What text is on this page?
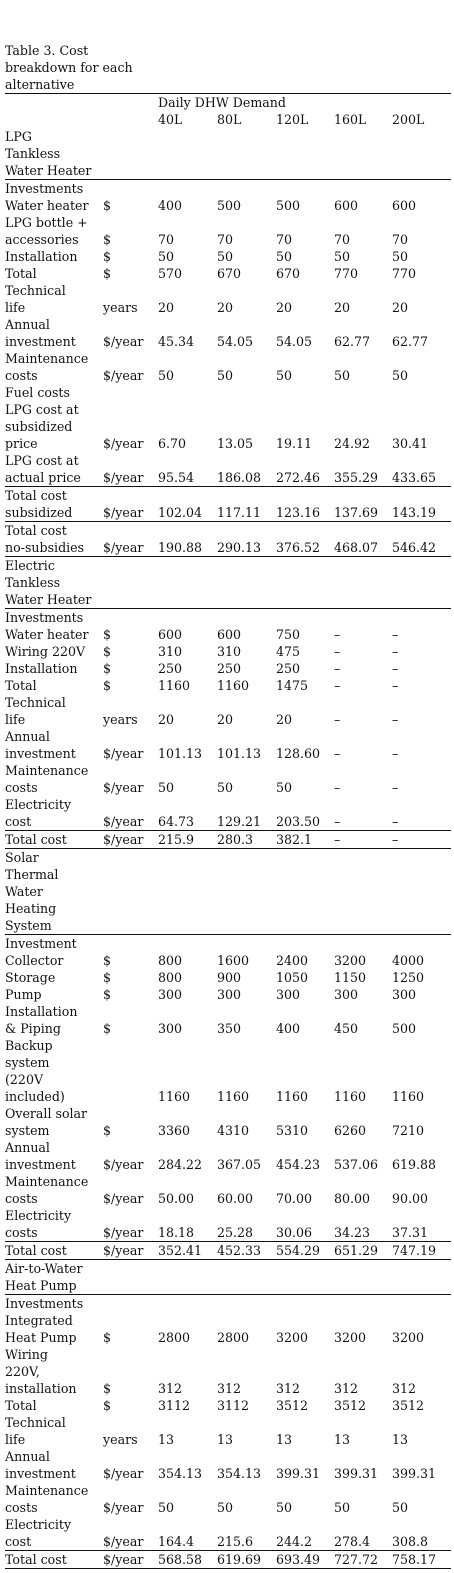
Table 3. Cost
breakdown for each
alternative
		Daily DHW Demand				
		40L	80L	120L	160L	200L
LPG
Tankless
Water Heater						
Investments						
Water heater	$	400	500	500	600	600
LPG bottle +
accessories	$	70	70	70	70	70
Installation	$	50	50	50	50	50
Total	$	570	670	670	770	770
Technical
life	years	20	20	20	20	20
Annual
investment	$/year	45.34	54.05	54.05	62.77	62.77
Maintenance
costs	$/year	50	50	50	50	50
Fuel costs						
LPG cost at
subsidized
price	$/year	6.70	13.05	19.11	24.92	30.41
LPG cost at
actual price	$/year	95.54	186.08	272.46	355.29	433.65
Total cost
subsidized	$/year	102.04	117.11	123.16	137.69	143.19
Total cost
no-subsidies	$/year	190.88	290.13	376.52	468.07	546.42
Electric
Tankless
Water Heater						
Investments						
Water heater	$	600	600	750	–	–
Wiring 220V	$	310	310	475	–	–
Installation	$	250	250	250	–	–
Total	$	1160	1160	1475	–	–
Technical
life	years	20	20	20	–	–
Annual
investment	$/year	101.13	101.13	128.60	–	–
Maintenance
costs	$/year	50	50	50	–	–
Electricity
cost	$/year	64.73	129.21	203.50	–	–
Total cost	$/year	215.9	280.3	382.1	–	–
Solar
Thermal
Water
Heating
System						
Investment						
Collector	$	800	1600	2400	3200	4000
Storage	$	800	900	1050	1150	1250
Pump	$	300	300	300	300	300
Installation
& Piping	$	300	350	400	450	500
Backup
system
(220V
included)		1160	1160	1160	1160	1160
Overall solar
system	$	3360	4310	5310	6260	7210
Annual
investment	$/year	284.22	367.05	454.23	537.06	619.88
Maintenance
costs	$/year	50.00	60.00	70.00	80.00	90.00
Electricity
costs	$/year	18.18	25.28	30.06	34.23	37.31
Total cost	$/year	352.41	452.33	554.29	651.29	747.19
Air-to-Water
Heat Pump						
Investments						
Integrated
Heat Pump	$	2800	2800	3200	3200	3200
Wiring
220V,
installation	$	312	312	312	312	312
Total	$	3112	3112	3512	3512	3512
Technical
life	years	13	13	13	13	13
Annual
investment	$/year	354.13	354.13	399.31	399.31	399.31
Maintenance
costs	$/year	50	50	50	50	50
Electricity
cost	$/year	164.4	215.6	244.2	278.4	308.8
Total cost	$/year	568.58	619.69	693.49	727.72	758.17
